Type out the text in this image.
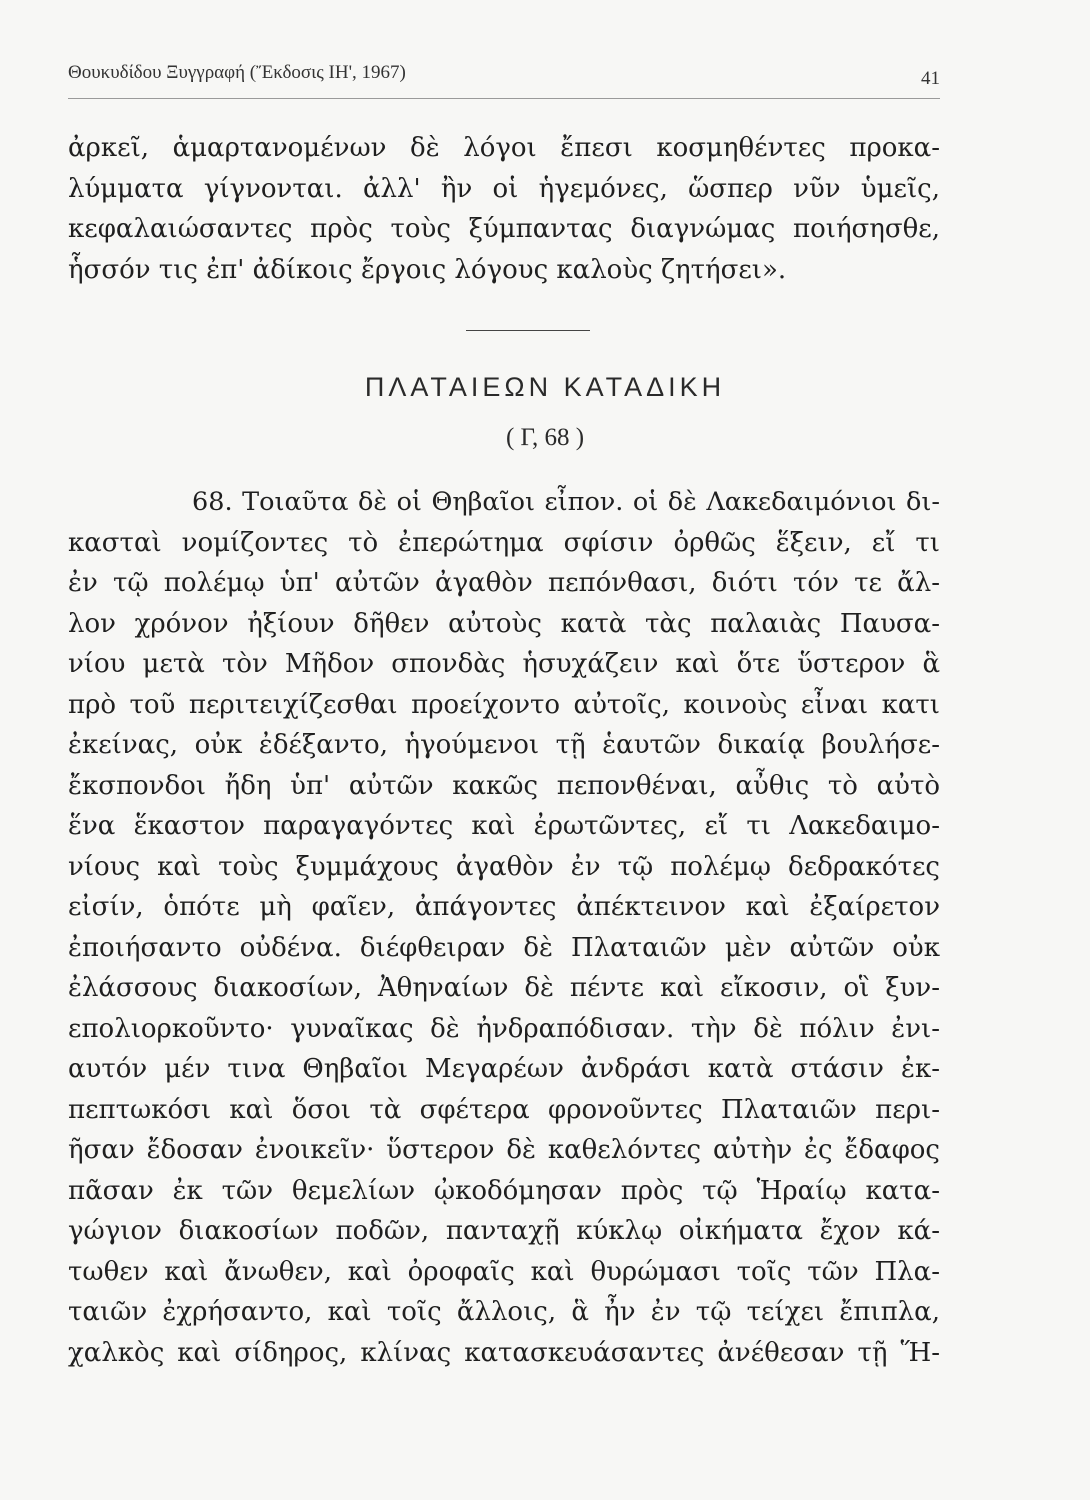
Θουκυδίδου Ξυγγραφή (Ἔκδοσις ΙΗ', 1967)	41
ἀρκεῖ, ἁμαρτανομένων δὲ λόγοι ἔπεσι κοσμηθέντες προκα-
λύμματα γίγνονται. ἀλλ' ἢν οἱ ἡγεμόνες, ὥσπερ νῦν ὑμεῖς,
κεφαλαιώσαντες πρὸς τοὺς ξύμπαντας διαγνώμας ποιήσησθε,
ἧσσόν τις ἐπ' ἀδίκοις ἔργοις λόγους καλοὺς ζητήσει».
ΠΛΑΤΑΙΕΩΝ ΚΑΤΑΔΙΚΗ
( Γ, 68 )
68. Τοιαῦτα δὲ οἱ Θηβαῖοι εἶπον. οἱ δὲ Λακεδαιμόνιοι δι-
κασταὶ νομίζοντες τὸ ἐπερώτημα σφίσιν ὀρθῶς ἕξειν, εἴ τι
ἐν τῷ πολέμῳ ὑπ' αὐτῶν ἀγαθὸν πεπόνθασι, διότι τόν τε ἄλ-
λον χρόνον ἠξίουν δῆθεν αὐτοὺς κατὰ τὰς παλαιὰς Παυσα-
νίου μετὰ τὸν Μῆδον σπονδὰς ἡσυχάζειν καὶ ὅτε ὕστερον ἃ
πρὸ τοῦ περιτειχίζεσθαι προείχοντο αὐτοῖς, κοινοὺς εἶναι κατι
ἐκείνας, οὐκ ἐδέξαντο, ἡγούμενοι τῇ ἑαυτῶν δικαίᾳ βουλήσε-
ἔκσπονδοι ἤδη ὑπ' αὐτῶν κακῶς πεπονθέναι, αὖθις τὸ αὐτὸ
ἕνα ἕκαστον παραγαγόντες καὶ ἐρωτῶντες, εἴ τι Λακεδαιμο-
νίους καὶ τοὺς ξυμμάχους ἀγαθὸν ἐν τῷ πολέμῳ δεδρακότες
εἰσίν, ὁπότε μὴ φαῖεν, ἀπάγοντες ἀπέκτεινον καὶ ἐξαίρετον
ἐποιήσαντο οὐδένα. διέφθειραν δὲ Πλαταιῶν μὲν αὐτῶν οὐκ
ἐλάσσους διακοσίων, Ἀθηναίων δὲ πέντε καὶ εἴκοσιν, οἳ ξυν-
επολιορκοῦντο· γυναῖκας δὲ ἠνδραπόδισαν. τὴν δὲ πόλιν ἐνι-
αυτόν μέν τινα Θηβαῖοι Μεγαρέων ἀνδράσι κατὰ στάσιν ἐκ-
πεπτωκόσι καὶ ὅσοι τὰ σφέτερα φρονοῦντες Πλαταιῶν περι-
ῆσαν ἔδοσαν ἐνοικεῖν· ὕστερον δὲ καθελόντες αὐτὴν ἐς ἔδαφος
πᾶσαν ἐκ τῶν θεμελίων ᾠκοδόμησαν πρὸς τῷ Ἡραίῳ κατα-
γώγιον διακοσίων ποδῶν, πανταχῇ κύκλῳ οἰκήματα ἔχον κά-
τωθεν καὶ ἄνωθεν, καὶ ὀροφαῖς καὶ θυρώμασι τοῖς τῶν Πλα-
ταιῶν ἐχρήσαντο, καὶ τοῖς ἄλλοις, ἃ ἦν ἐν τῷ τείχει ἔπιπλα,
χαλκὸς καὶ σίδηρος, κλίνας κατασκευάσαντες ἀνέθεσαν τῇ Ἥ-
